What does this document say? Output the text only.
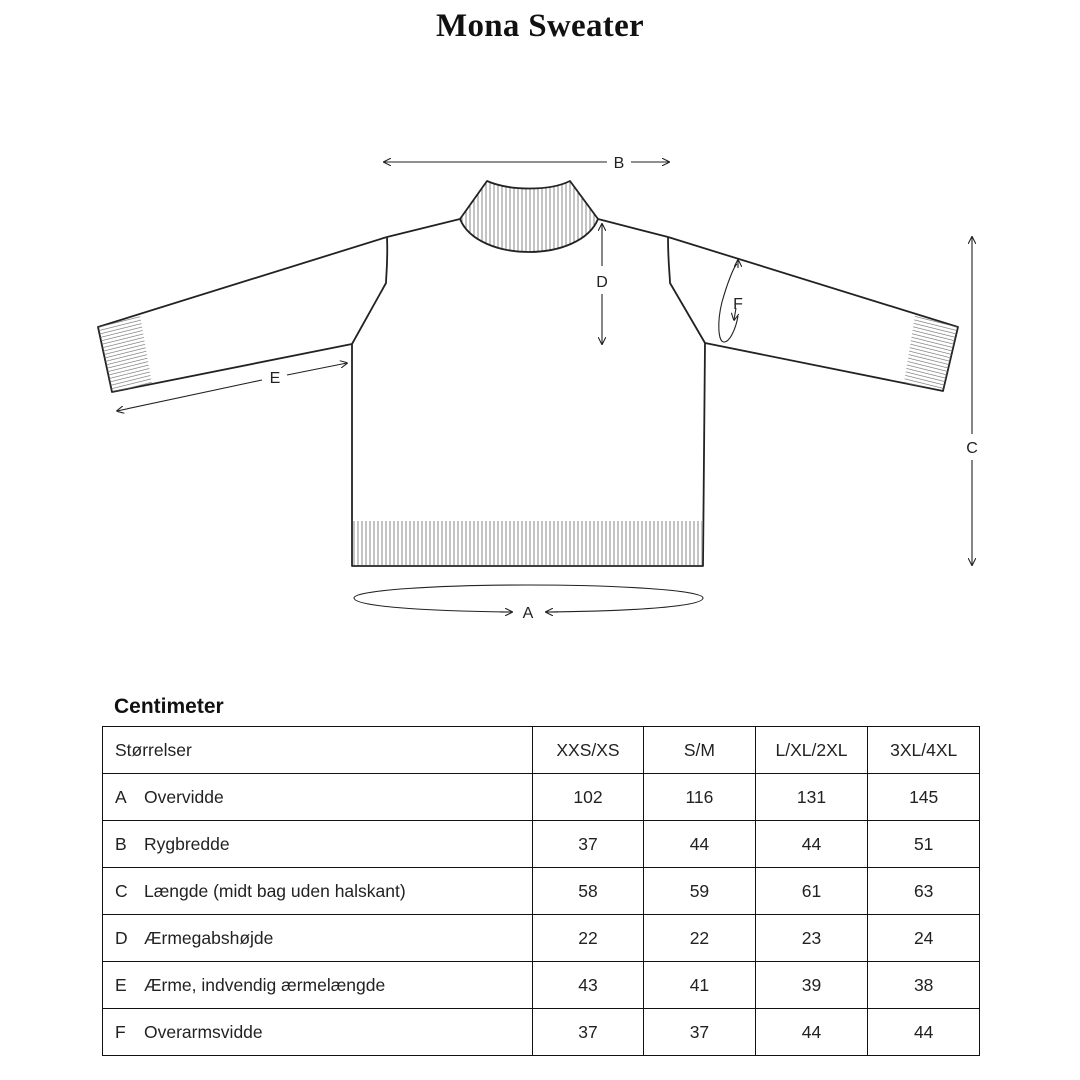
Mona Sweater
B
D
C
F
E
A
Centimeter
Størrelser	XXS/XS	S/M	L/XL/2XL	3XL/4XL
A Overvidde	102	116	131	145
B Rygbredde	37	44	44	51
C Længde (midt bag uden halskant)	58	59	61	63
D Ærmegabshøjde	22	22	23	24
E Ærme, indvendig ærmelængde	43	41	39	38
F Overarmsvidde	37	37	44	44
